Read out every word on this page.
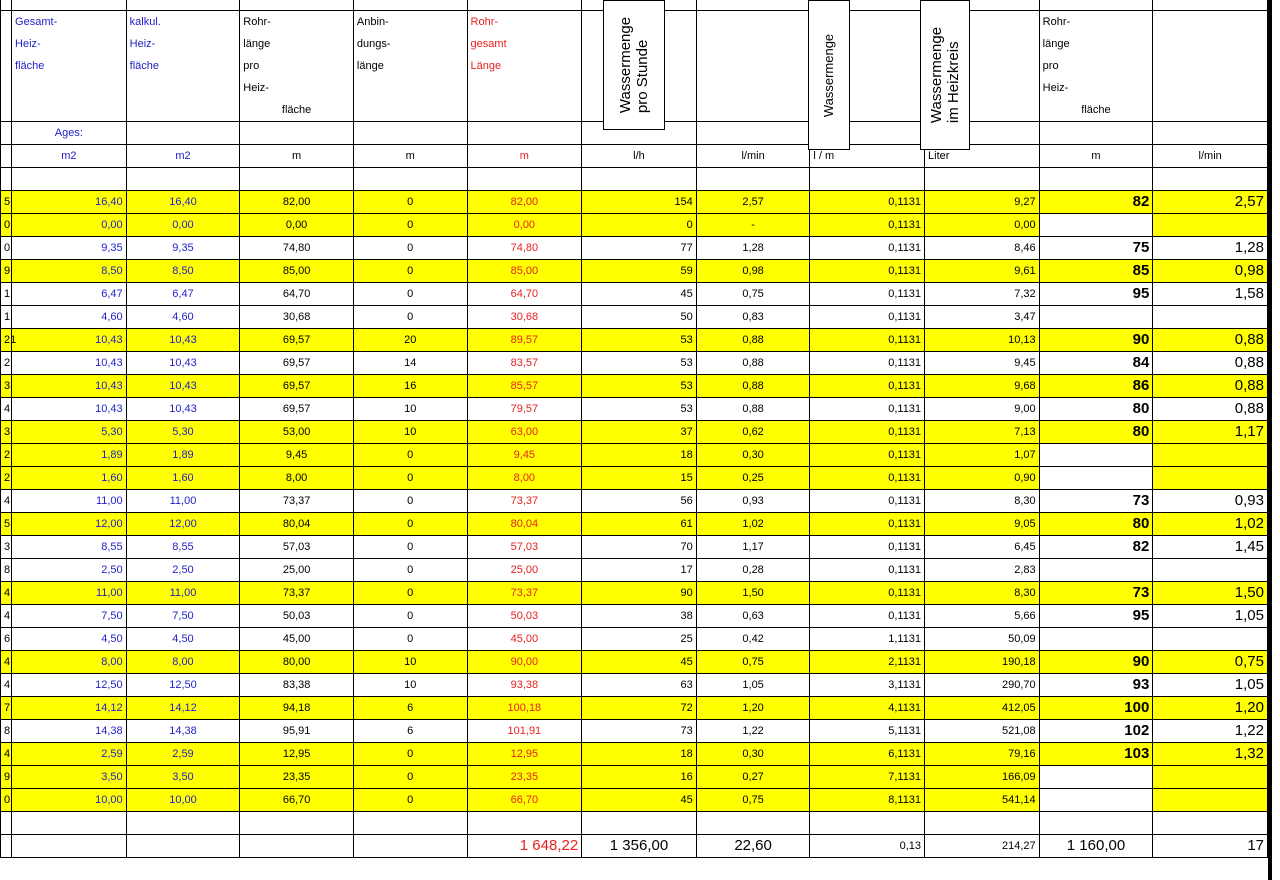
	Gesamt-	kalkul.	Rohr-	Anbin-	Rohr-					Rohr-	
	Heiz-	Heiz-	länge	dungs-	gesamt					länge	
	fläche	fläche	pro	länge	Länge					pro	
			Heiz-							Heiz-	
			fläche							fläche	
	Ages:										
	m2	m2	m	m	m	l/h	l/min	l / m	Liter	m	l/min

5	16,40	16,40	82,00	0	82,00	154	2,57	0,1131	9,27	82	2,57
0	0,00	0,00	0,00	0	0,00	0	-	0,1131	0,00		
0	9,35	9,35	74,80	0	74,80	77	1,28	0,1131	8,46	75	1,28
9	8,50	8,50	85,00	0	85,00	59	0,98	0,1131	9,61	85	0,98
1	6,47	6,47	64,70	0	64,70	45	0,75	0,1131	7,32	95	1,58
1	4,60	4,60	30,68	0	30,68	50	0,83	0,1131	3,47		
21	10,43	10,43	69,57	20	89,57	53	0,88	0,1131	10,13	90	0,88
2	10,43	10,43	69,57	14	83,57	53	0,88	0,1131	9,45	84	0,88
3	10,43	10,43	69,57	16	85,57	53	0,88	0,1131	9,68	86	0,88
4	10,43	10,43	69,57	10	79,57	53	0,88	0,1131	9,00	80	0,88
3	5,30	5,30	53,00	10	63,00	37	0,62	0,1131	7,13	80	1,17
2	1,89	1,89	9,45	0	9,45	18	0,30	0,1131	1,07		
2	1,60	1,60	8,00	0	8,00	15	0,25	0,1131	0,90		
4	11,00	11,00	73,37	0	73,37	56	0,93	0,1131	8,30	73	0,93
5	12,00	12,00	80,04	0	80,04	61	1,02	0,1131	9,05	80	1,02
3	8,55	8,55	57,03	0	57,03	70	1,17	0,1131	6,45	82	1,45
8	2,50	2,50	25,00	0	25,00	17	0,28	0,1131	2,83		
4	11,00	11,00	73,37	0	73,37	90	1,50	0,1131	8,30	73	1,50
4	7,50	7,50	50,03	0	50,03	38	0,63	0,1131	5,66	95	1,05
6	4,50	4,50	45,00	0	45,00	25	0,42	1,1131	50,09		
4	8,00	8,00	80,00	10	90,00	45	0,75	2,1131	190,18	90	0,75
4	12,50	12,50	83,38	10	93,38	63	1,05	3,1131	290,70	93	1,05
7	14,12	14,12	94,18	6	100,18	72	1,20	4,1131	412,05	100	1,20
8	14,38	14,38	95,91	6	101,91	73	1,22	5,1131	521,08	102	1,22
4	2,59	2,59	12,95	0	12,95	18	0,30	6,1131	79,16	103	1,32
9	3,50	3,50	23,35	0	23,35	16	0,27	7,1131	166,09		
0	10,00	10,00	66,70	0	66,70	45	0,75	8,1131	541,14		

					1 648,22	1 356,00	22,60	0,13	214,27	1 160,00	17
Wassermenge pro Stunde	Wassermenge	Wassermenge im Heizkreis
